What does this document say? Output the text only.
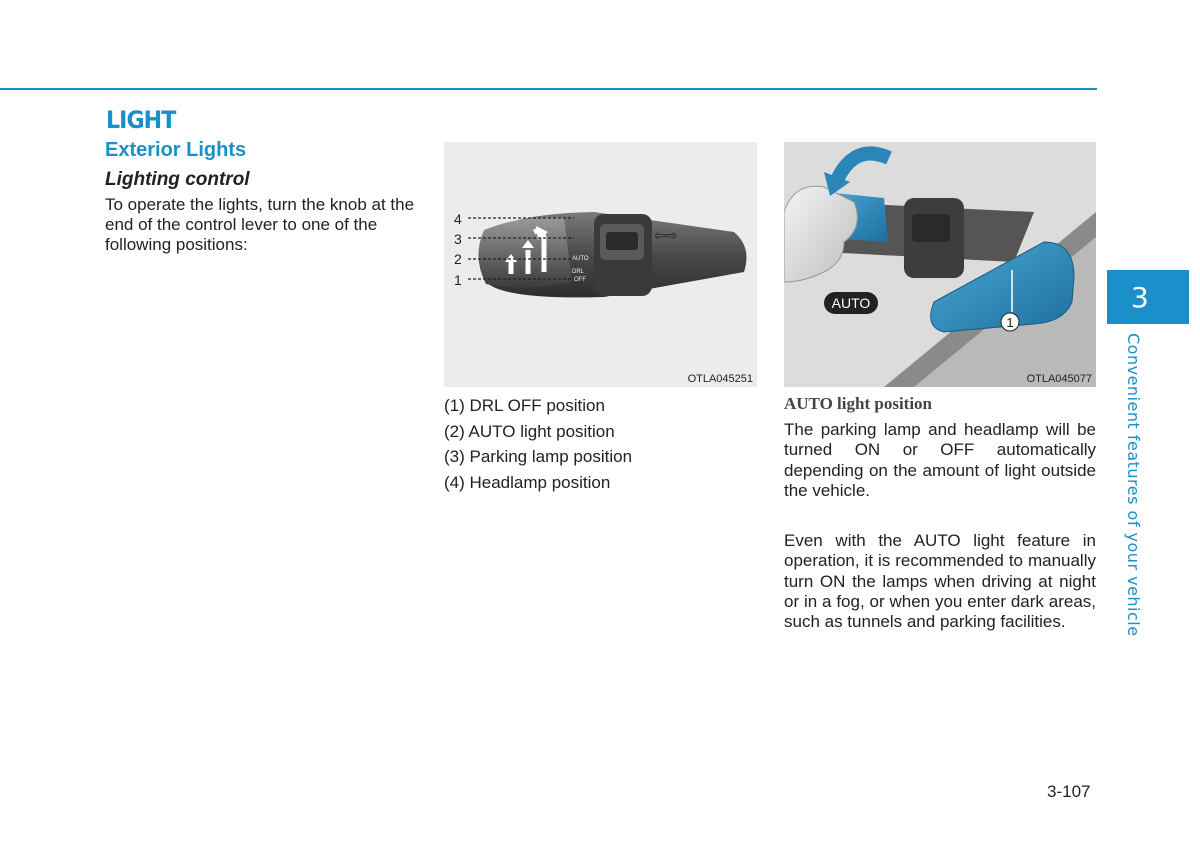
LIGHT
Exterior Lights
Lighting control
To operate the lights, turn the knob at the end of the control lever to one of the following positions:
AUTO
DRL
OFF
⇦⇨
4
3
2
1
OTLA045251
AUTO
1
OTLA045077
(1) DRL OFF position
(2) AUTO light position
(3) Parking lamp position
(4) Headlamp position
AUTO light position
The parking lamp and headlamp will be turned ON or OFF automatically depending on the amount of light outside the vehicle.
Even with the AUTO light feature in operation, it is recommended to manually turn ON the lamps when driving at night or in a fog, or when you enter dark areas, such as tunnels and parking facilities.
3
Convenient features of your vehicle
3-107
